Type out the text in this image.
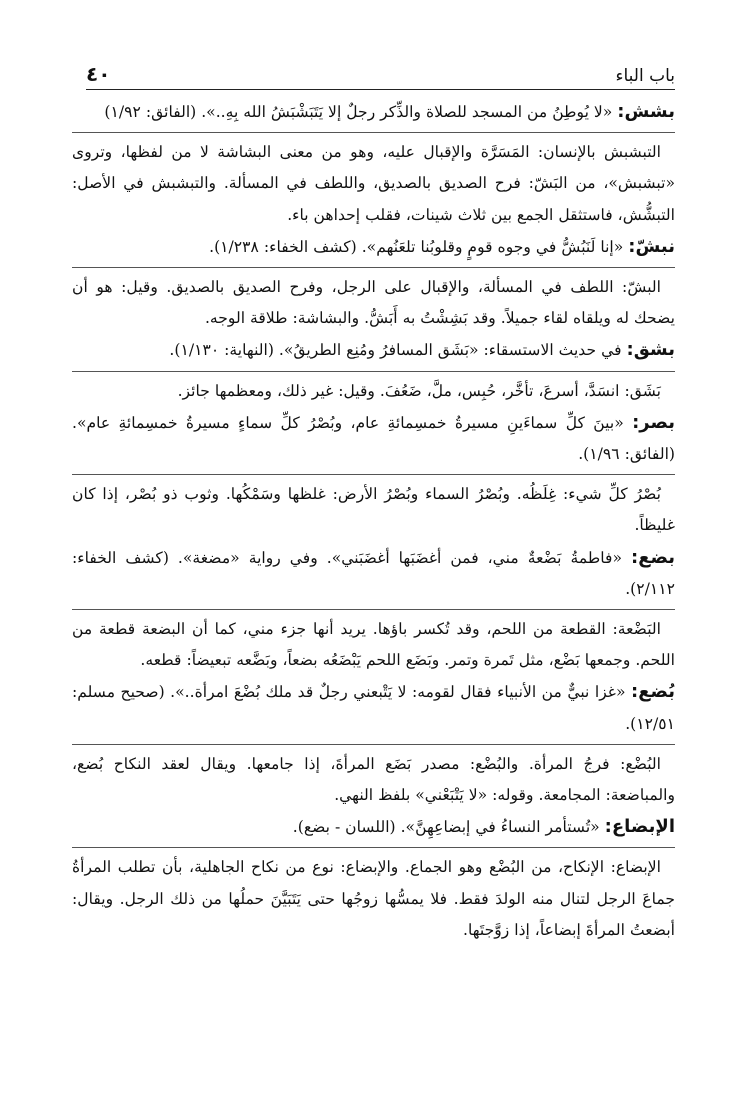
باب الباء
٤٠

بشش: «لا يُوطِنُ من المسجد للصلاة والذِّكر رجلٌ إلا يَتَبَشْبَشُ الله بِهِ..». (الفائق: ١/٩٢)

التبشبش بالإنسان: المَسَرَّة والإقبال عليه، وهو من معنى البشاشة لا من لفظها، وتروى «تبشبش»، من البَشّ: فرح الصديق بالصديق، واللطف في المسألة. والتبشبش في الأصل: التبشُّش، فاستثقل الجمع بين ثلاث شينات، فقلب إحداهن باء.

نبشّ: «إنا لَنَبُشُّ في وجوه قومٍ وقلوبُنا تلعَنُهم». (كشف الخفاء: ١/٢٣٨).

البشّ: اللطف في المسألة، والإقبال على الرجل، وفرح الصديق بالصديق. وقيل: هو أن يضحك له ويلقاه لقاء جميلاً. وقد بَشِشْتُ به أَبَشُّ. والبشاشة: طلاقة الوجه.

بشق: في حديث الاستسقاء: «بَشَق المسافرُ ومُنِع الطريقُ». (النهاية: ١/١٣٠).

بَشَق: انسَدَّ، أسرعَ، تأخَّر، حُبِس، ملَّ، ضَعُفَ. وقيل: غير ذلك، ومعظمها جائز.

بصر: «بينَ كلِّ سماءَينِ مسيرةُ خمسِمائةِ عام، وبُصْرُ كلِّ سماءٍ مسيرةُ خمسِمائةِ عام». (الفائق: ١/٩٦).

بُصْرُ كلِّ شيء: غِلَظُه. وبُصْرُ السماء وبُصْرُ الأرض: غلظها وسَمْكُها. وثوب ذو بُصْر، إذا كان غليظاً.

بضع: «فاطمةُ بَضْعةٌ مني، فمن أغضَبَها أغضَبَني». وفي رواية «مضغة». (كشف الخفاء: ٢/١١٢).

البَضْعة: القطعة من اللحم، وقد تُكسر باؤها. يريد أنها جزء مني، كما أن البضعة قطعة من اللحم. وجمعها بَضْع، مثل تَمرة وتمر. وبَضَع اللحم يَبْضَعُه بضعاً، وبَضَّعه تبعيضاً: قطعه.

بُضع: «غزا نبيٌّ من الأنبياء فقال لقومه: لا يَتْبعني رجلٌ قد ملك بُضْعَ امرأة..». (صحيح مسلم: ١٢/٥١).

البُضْع: فرجُ المرأة. والبُضْع: مصدر بَضَع المرأةَ، إذا جامعها. ويقال لعقد النكاح بُضع، والمباضعة: المجامعة. وقوله: «لا يَتْبَعْني» بلفظ النهي.

الإبضاع: «تُستأمر النساءُ في إبضاعِهِنَّ». (اللسان - بضع).

الإبضاع: الإنكاح، من البُضْع وهو الجماع. والإبضاع: نوع من نكاح الجاهلية، بأن تطلب المرأةُ جماعَ الرجل لتنال منه الولدَ فقط. فلا يمسُّها زوجُها حتى يَتَبَيَّنَ حملُها من ذلك الرجل. ويقال: أبضعتُ المرأةَ إبضاعاً، إذا زوَّجتَها.
